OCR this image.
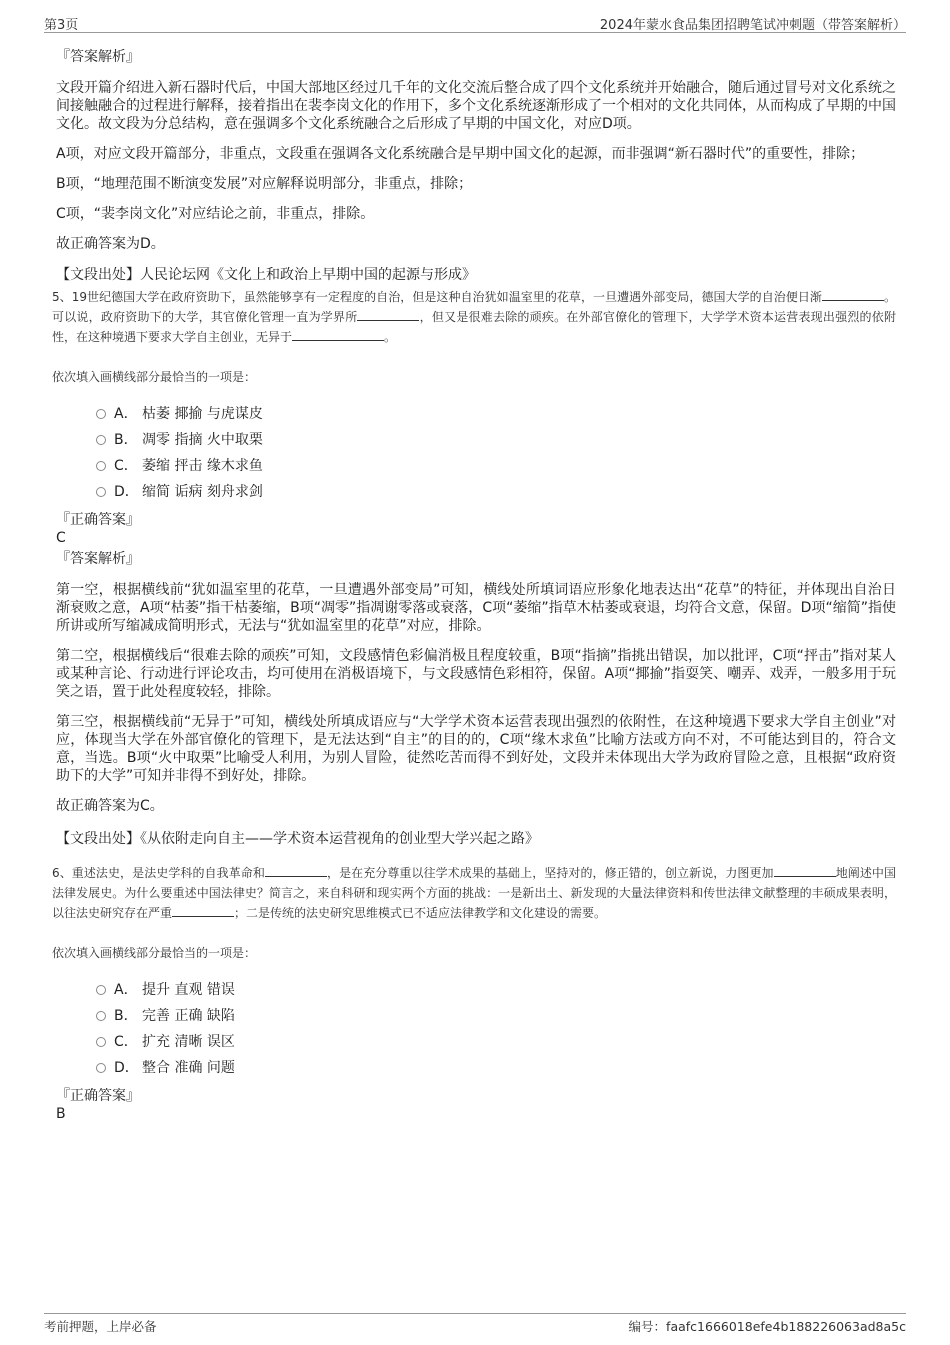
第3页	2024年蒙水食品集团招聘笔试冲刺题（带答案解析）
『答案解析』

文段开篇介绍进入新石器时代后，中国大部地区经过几千年的文化交流后整合成了四个文化系统并开始融合，随后通过冒号对文化系统之间接触融合的过程进行解释，接着指出在裴李岗文化的作用下，多个文化系统逐渐形成了一个相对的文化共同体，从而构成了早期的中国文化。故文段为分总结构，意在强调多个文化系统融合之后形成了早期的中国文化，对应D项。

A项，对应文段开篇部分，非重点，文段重在强调各文化系统融合是早期中国文化的起源，而非强调“新石器时代”的重要性，排除；

B项，“地理范围不断演变发展”对应解释说明部分，非重点，排除；

C项，“裴李岗文化”对应结论之前，非重点，排除。

故正确答案为D。

【文段出处】人民论坛网《文化上和政治上早期中国的起源与形成》
5、19世纪德国大学在政府资助下，虽然能够享有一定程度的自治，但是这种自治犹如温室里的花草，一旦遭遇外部变局，德国大学的自治便日渐	。可以说，政府资助下的大学，其官僚化管理一直为学界所	，但又是很难去除的顽疾。在外部官僚化的管理下，大学学术资本运营表现出强烈的依附性，在这种境遇下要求大学自主创业，无异于	。
依次填入画横线部分最恰当的一项是：
A． 枯萎 揶揄 与虎谋皮
B． 凋零 指摘 火中取栗
C． 萎缩 抨击 缘木求鱼
D． 缩简 诟病 刻舟求剑
『正确答案』
C
『答案解析』

第一空，根据横线前“犹如温室里的花草，一旦遭遇外部变局”可知，横线处所填词语应形象化地表达出“花草”的特征，并体现出自治日渐衰败之意，A项“枯萎”指干枯萎缩，B项“凋零”指凋谢零落或衰落，C项“萎缩”指草木枯萎或衰退，均符合文意，保留。D项“缩简”指使所讲或所写缩减成简明形式，无法与“犹如温室里的花草”对应，排除。

第二空，根据横线后“很难去除的顽疾”可知，文段感情色彩偏消极且程度较重，B项“指摘”指挑出错误，加以批评，C项“抨击”指对某人或某种言论、行动进行评论攻击，均可使用在消极语境下，与文段感情色彩相符，保留。A项“揶揄”指耍笑、嘲弄、戏弄，一般多用于玩笑之语，置于此处程度较轻，排除。

第三空，根据横线前“无异于”可知，横线处所填成语应与“大学学术资本运营表现出强烈的依附性，在这种境遇下要求大学自主创业”对应，体现当大学在外部官僚化的管理下，是无法达到“自主”的目的的，C项“缘木求鱼”比喻方法或方向不对，不可能达到目的，符合文意，当选。B项“火中取栗”比喻受人利用，为别人冒险，徒然吃苦而得不到好处，文段并未体现出大学为政府冒险之意，且根据“政府资助下的大学”可知并非得不到好处，排除。

故正确答案为C。

【文段出处】《从依附走向自主——学术资本运营视角的创业型大学兴起之路》
6、重述法史，是法史学科的自我革命和	，是在充分尊重以往学术成果的基础上，坚持对的，修正错的，创立新说，力图更加	地阐述中国法律发展史。为什么要重述中国法律史？简言之，来自科研和现实两个方面的挑战：一是新出土、新发现的大量法律资料和传世法律文献整理的丰硕成果表明，以往法史研究存在严重	；二是传统的法史研究思维模式已不适应法律教学和文化建设的需要。
依次填入画横线部分最恰当的一项是：
A． 提升 直观 错误
B． 完善 正确 缺陷
C． 扩充 清晰 误区
D． 整合 准确 问题
『正确答案』
B
考前押题，上岸必备	编号：faafc1666018efe4b188226063ad8a5c
